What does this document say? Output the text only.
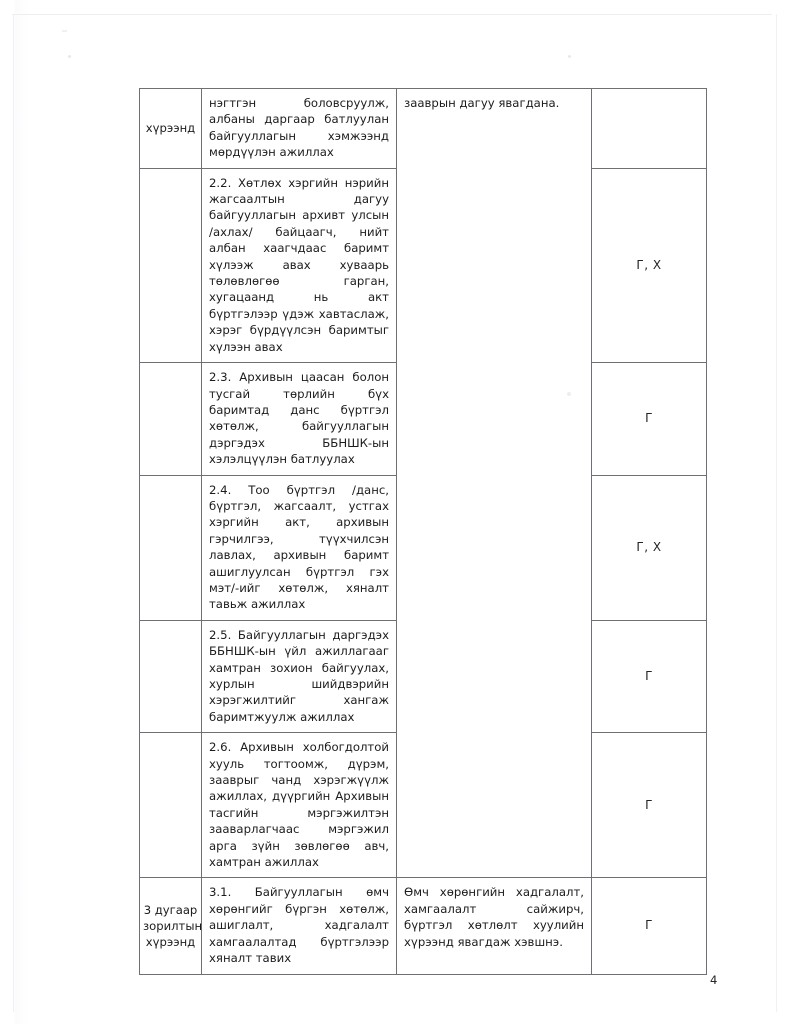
хүрээнд	нэгтгэн боловсруулж, албаны даргаар батлуулан байгууллагын хэмжээнд мөрдүүлэн ажиллах	зааврын дагуу явагдана.	

	2.2. Хөтлөх хэргийн нэрийн жагсаалтын дагуу байгууллагын архивт улсын /ахлах/ байцаагч, нийт албан хаагчдаас баримт хүлээж авах хуваарь төлөвлөгөө гарган, хугацаанд нь акт бүртгэлээр үдэж хавтаслаж, хэрэг бүрдүүлсэн баримтыг хүлээн авах		Г, Х

	2.3. Архивын цаасан болон тусгай төрлийн бүх баримтад данс бүртгэл хөтөлж, байгууллагын дэргэдэх ББНШК-ын хэлэлцүүлэн батлуулах		Г

	2.4. Тоо бүртгэл /данс, бүртгэл, жагсаалт, устгах хэргийн акт, архивын гэрчилгээ, түүхчилсэн лавлах, архивын баримт ашиглуулсан бүртгэл гэх мэт/-ийг хөтөлж, хяналт тавьж ажиллах		Г, Х

	2.5. Байгууллагын даргэдэх ББНШК-ын үйл ажиллагааг хамтран зохион байгуулах, хурлын шийдвэрийн хэрэгжилтийг хангаж баримтжуулж ажиллах		Г

	2.6. Архивын холбогдолтой хууль тогтоомж, дүрэм, зааврыг чанд хэрэгжүүлж ажиллах, дүүргийн Архивын тасгийн мэргэжилтэн зааварлагчаас мэргэжил арга зүйн зөвлөгөө авч, хамтран ажиллах		Г

3 дугаар зорилтын хүрээнд	3.1. Байгууллагын өмч хөрөнгийг бүргэн хөтөлж, ашиглалт, хадгалалт хамгаалалтад бүртгэлээр хяналт тавих	Өмч хөрөнгийн хадгалалт, хамгаалалт сайжирч, бүртгэл хөтлөлт хуулийн хүрээнд явагдаж хэвшнэ.	Г
4
